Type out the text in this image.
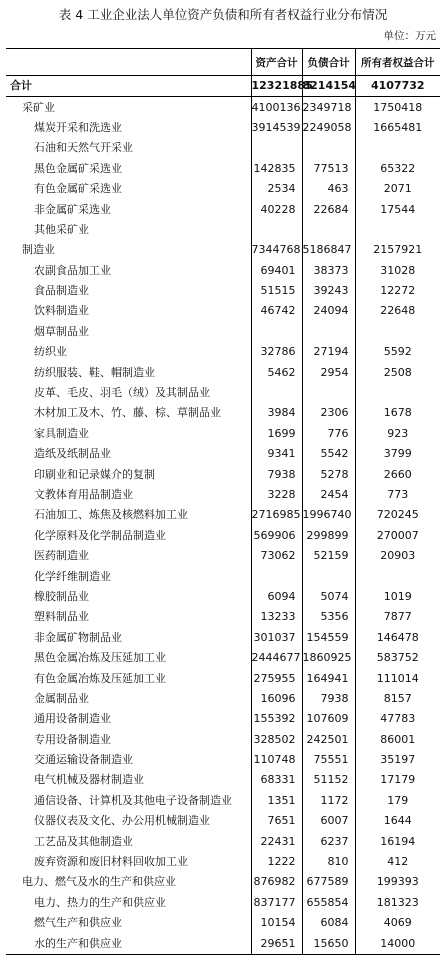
表 4 工业企业法人单位资产负债和所有者权益行业分布情况
单位：万元
	资产合计	负债合计	所有者权益合计
合计	12321885	8214154	4107732
采矿业	4100136	2349718	1750418
煤炭开采和洗选业	3914539	2249058	1665481
石油和天然气开采业			
黑色金属矿采选业	142835	77513	65322
有色金属矿采选业	2534	463	2071
非金属矿采选业	40228	22684	17544
其他采矿业			
制造业	7344768	5186847	2157921
农副食品加工业	69401	38373	31028
食品制造业	51515	39243	12272
饮料制造业	46742	24094	22648
烟草制品业			
纺织业	32786	27194	5592
纺织服装、鞋、帽制造业	5462	2954	2508
皮革、毛皮、羽毛（绒）及其制品业			
木材加工及木、竹、藤、棕、草制品业	3984	2306	1678
家具制造业	1699	776	923
造纸及纸制品业	9341	5542	3799
印刷业和记录媒介的复制	7938	5278	2660
文教体育用品制造业	3228	2454	773
石油加工、炼焦及核燃料加工业	2716985	1996740	720245
化学原料及化学制品制造业	569906	299899	270007
医药制造业	73062	52159	20903
化学纤维制造业			
橡胶制品业	6094	5074	1019
塑料制品业	13233	5356	7877
非金属矿物制品业	301037	154559	146478
黑色金属冶炼及压延加工业	2444677	1860925	583752
有色金属冶炼及压延加工业	275955	164941	111014
金属制品业	16096	7938	8157
通用设备制造业	155392	107609	47783
专用设备制造业	328502	242501	86001
交通运输设备制造业	110748	75551	35197
电气机械及器材制造业	68331	51152	17179
通信设备、计算机及其他电子设备制造业	1351	1172	179
仪器仪表及文化、办公用机械制造业	7651	6007	1644
工艺品及其他制造业	22431	6237	16194
废弃资源和废旧材料回收加工业	1222	810	412
电力、燃气及水的生产和供应业	876982	677589	199393
电力、热力的生产和供应业	837177	655854	181323
燃气生产和供应业	10154	6084	4069
水的生产和供应业	29651	15650	14000
